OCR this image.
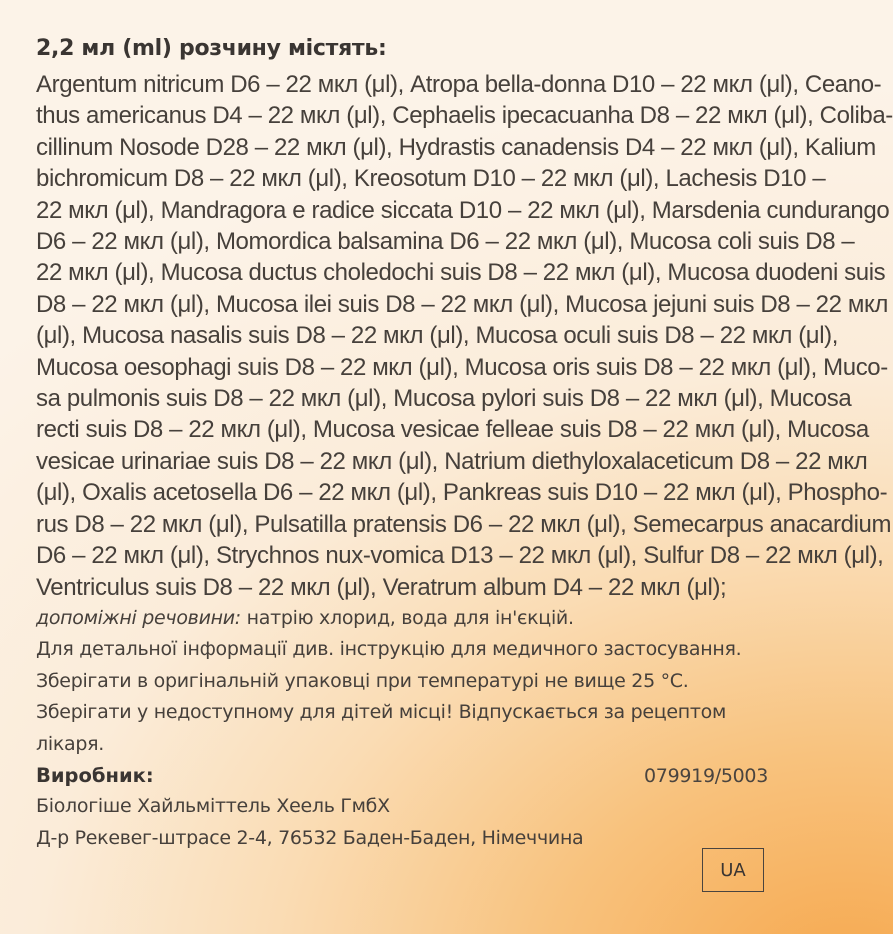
2,2 мл (ml) розчину містять:
Argentum nitricum D6 – 22 мкл (μl), Atropa bella-donna D10 – 22 мкл (μl), Ceano-
thus americanus D4 – 22 мкл (μl), Cephaelis ipecacuanha D8 – 22 мкл (μl), Coliba-
cillinum Nosode D28 – 22 мкл (μl), Hydrastis canadensis D4 – 22 мкл (μl), Kalium
bichromicum D8 – 22 мкл (μl), Kreosotum D10 – 22 мкл (μl), Lachesis D10 –
22 мкл (μl), Mandragora e radice siccata D10 – 22 мкл (μl), Marsdenia cundurango
D6 – 22 мкл (μl), Momordica balsamina D6 – 22 мкл (μl), Mucosa coli suis D8 –
22 мкл (μl), Mucosa ductus choledochi suis D8 – 22 мкл (μl), Mucosa duodeni suis
D8 – 22 мкл (μl), Mucosa ilei suis D8 – 22 мкл (μl), Mucosa jejuni suis D8 – 22 мкл
(μl), Mucosa nasalis suis D8 – 22 мкл (μl), Mucosa oculi suis D8 – 22 мкл (μl),
Mucosa oesophagi suis D8 – 22 мкл (μl), Mucosa oris suis D8 – 22 мкл (μl), Muco-
sa pulmonis suis D8 – 22 мкл (μl), Mucosa pylori suis D8 – 22 мкл (μl), Mucosa
recti suis D8 – 22 мкл (μl), Mucosa vesicae felleae suis D8 – 22 мкл (μl), Mucosa
vesicae urinariae suis D8 – 22 мкл (μl), Natrium diethyloxalaceticum D8 – 22 мкл
(μl), Oxalis acetosella D6 – 22 мкл (μl), Pankreas suis D10 – 22 мкл (μl), Phospho-
rus D8 – 22 мкл (μl), Pulsatilla pratensis D6 – 22 мкл (μl), Semecarpus anacardium
D6 – 22 мкл (μl), Strychnos nux-vomica D13 – 22 мкл (μl), Sulfur D8 – 22 мкл (μl),
Ventriculus suis D8 – 22 мкл (μl), Veratrum album D4 – 22 мкл (μl);
допоміжні речовини: натрію хлорид, вода для ін'єкцій.
Для детальної інформації див. інструкцію для медичного застосування.
Зберігати в оригінальній упаковці при температурі не вище 25 °С.
Зберігати у недоступному для дітей місці! Відпускається за рецептом лікаря.
Виробник:	079919/5003
Біологіше Хайльміттель Хеель ГмбХ
Д-р Рекевег-штрасе 2-4, 76532 Баден-Баден, Німеччина
UA
